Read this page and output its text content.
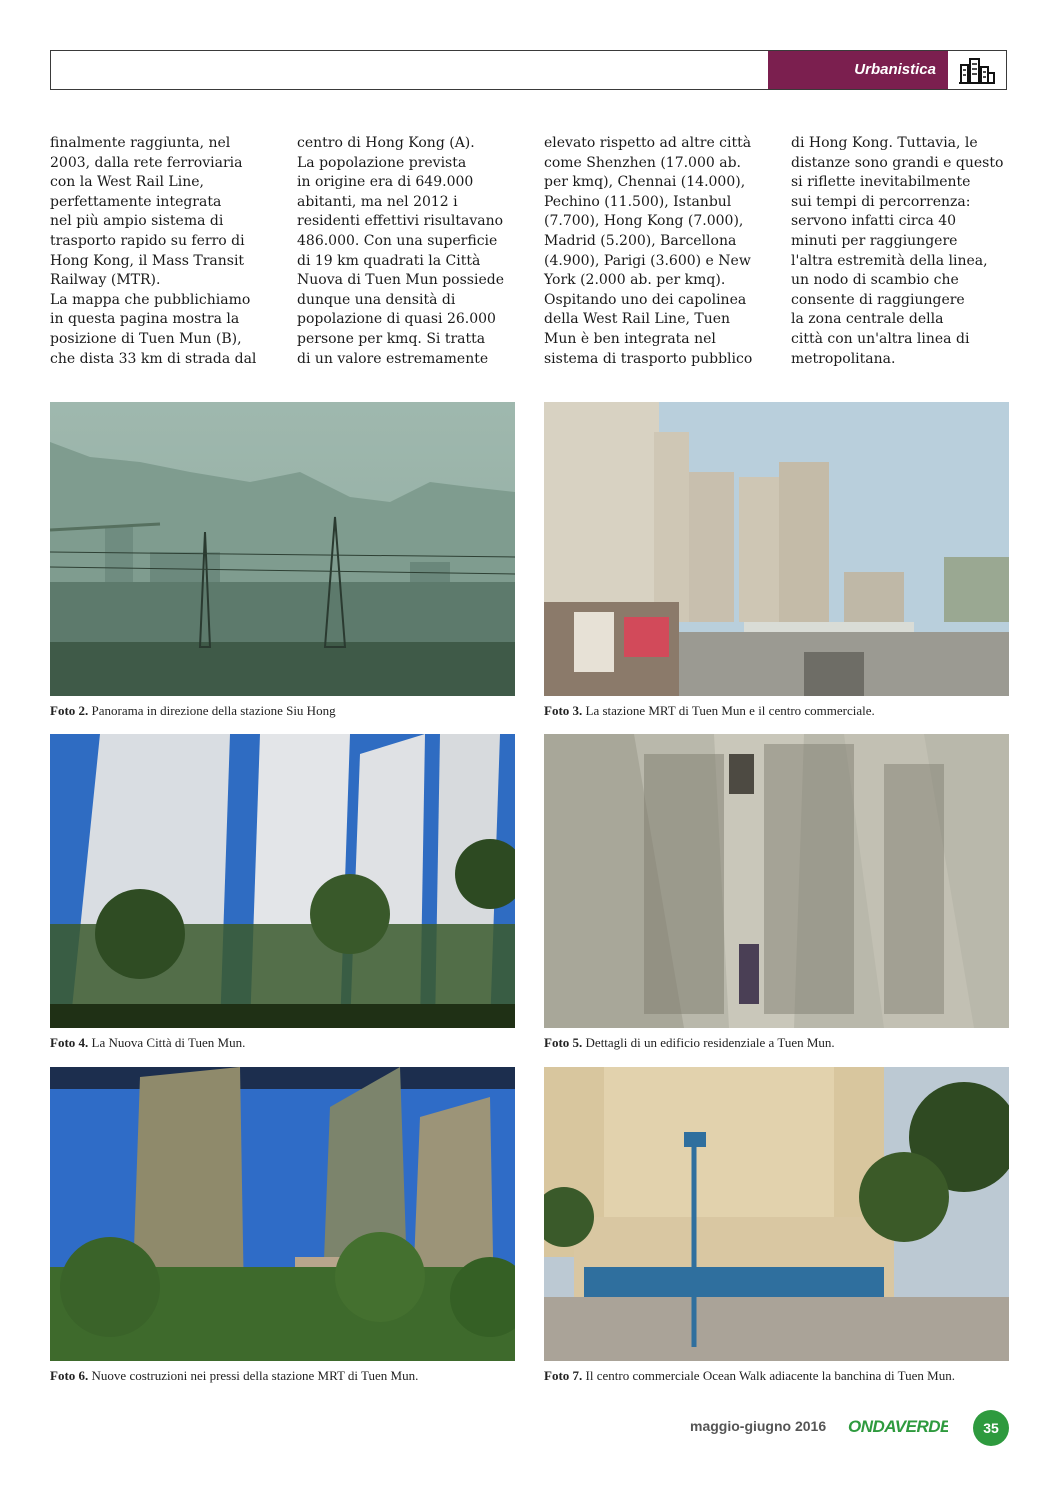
Urbanistica
finalmente raggiunta, nel
2003, dalla rete ferroviaria
con la West Rail Line,
perfettamente integrata
nel più ampio sistema di
trasporto rapido su ferro di
Hong Kong, il Mass Transit
Railway (MTR).
La mappa che pubblichiamo
in questa pagina mostra la
posizione di Tuen Mun (B),
che dista 33 km di strada dal
centro di Hong Kong (A).
La popolazione prevista
in origine era di 649.000
abitanti, ma nel 2012 i
residenti effettivi risultavano
486.000. Con una superficie
di 19 km quadrati la Città
Nuova di Tuen Mun possiede
dunque una densità di
popolazione di quasi 26.000
persone per kmq. Si tratta
di un valore estremamente
elevato rispetto ad altre città
come Shenzhen (17.000 ab.
per kmq), Chennai (14.000),
Pechino (11.500), Istanbul
(7.700), Hong Kong (7.000),
Madrid (5.200), Barcellona
(4.900), Parigi (3.600) e New
York (2.000 ab. per kmq).
Ospitando uno dei capolinea
della West Rail Line, Tuen
Mun è ben integrata nel
sistema di trasporto pubblico
di Hong Kong. Tuttavia, le
distanze sono grandi e questo
si riflette inevitabilmente
sui tempi di percorrenza:
servono infatti circa 40
minuti per raggiungere
l'altra estremità della linea,
un nodo di scambio che
consente di raggiungere
la zona centrale della
città con un'altra linea di
metropolitana.
Foto 2. Panorama in direzione della stazione Siu Hong	Foto 3. La stazione MRT di Tuen Mun e il centro commerciale.
Foto 4. La Nuova Città di Tuen Mun.	Foto 5. Dettagli di un edificio residenziale a Tuen Mun.
Foto 6. Nuove costruzioni nei pressi della stazione MRT di Tuen Mun.	Foto 7. Il centro commerciale Ocean Walk adiacente la banchina di Tuen Mun.
maggio-giugno 2016 ONDAVERDE	35
